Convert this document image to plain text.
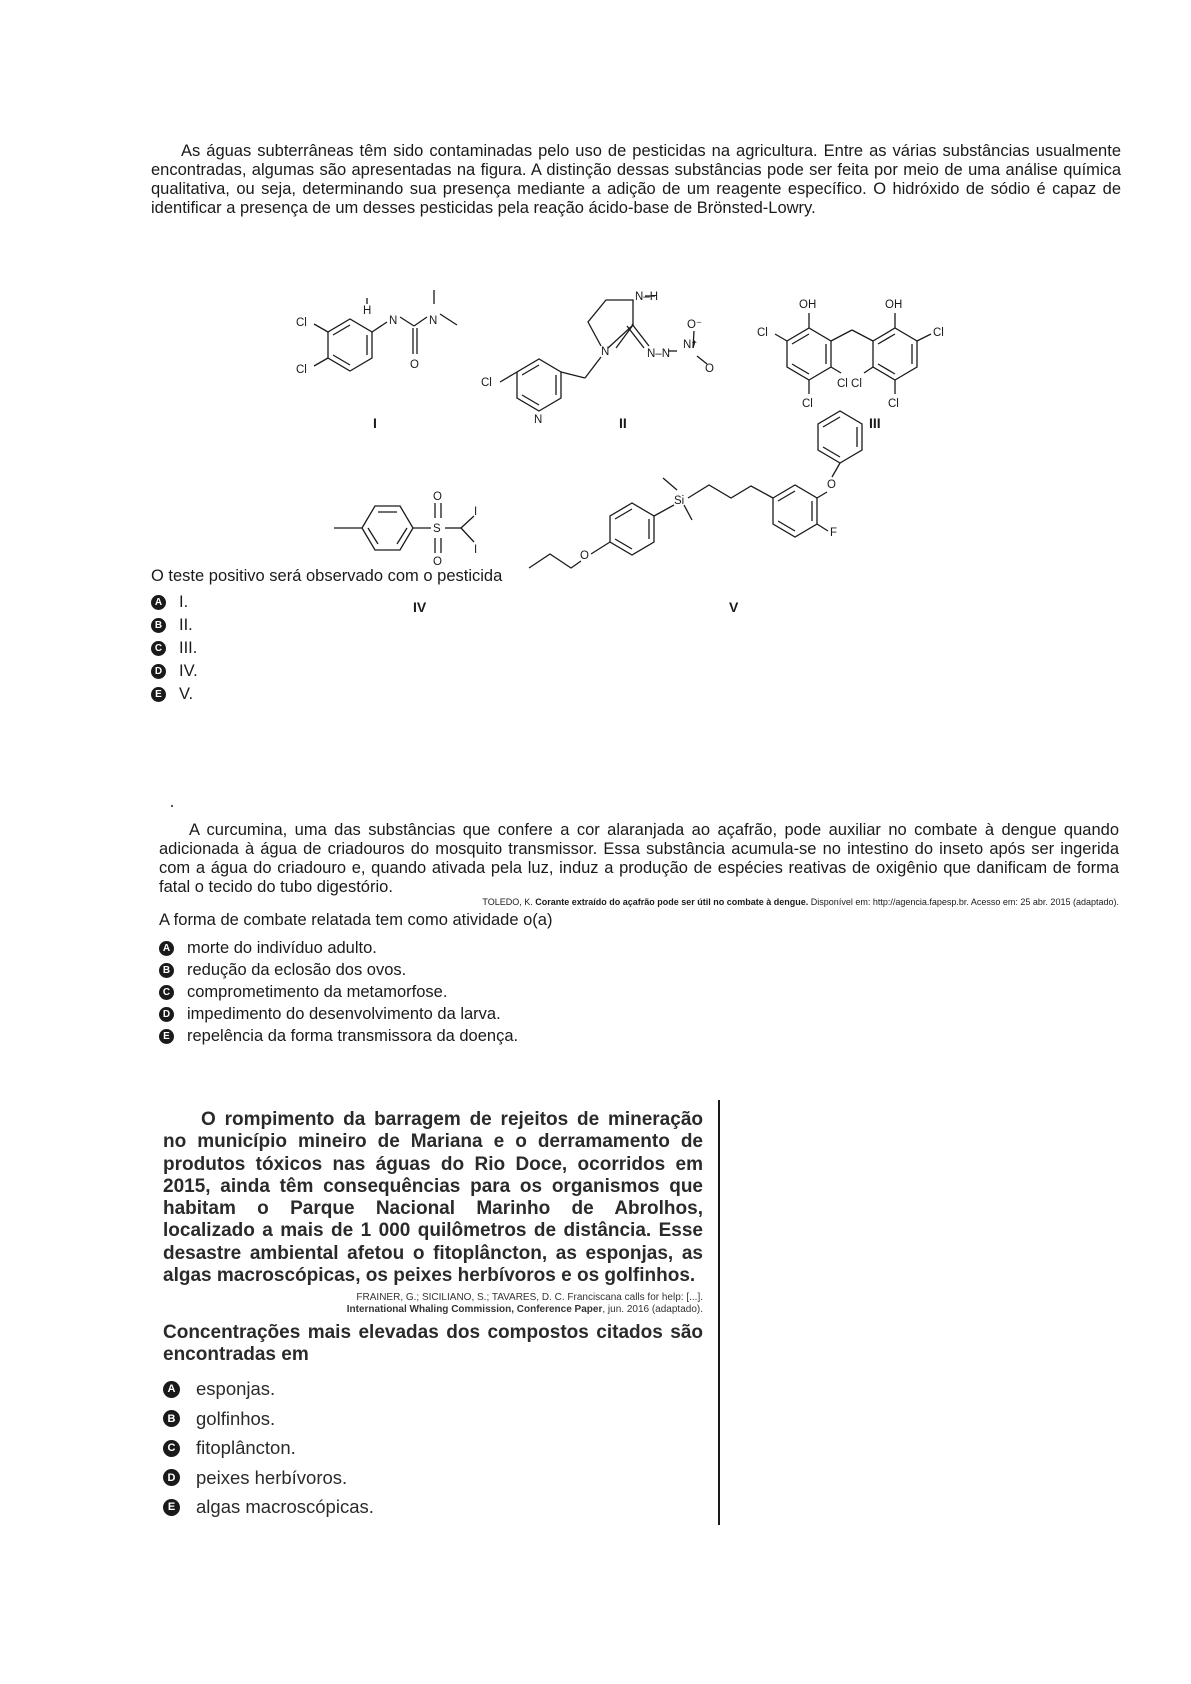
As águas subterrâneas têm sido contaminadas pelo uso de pesticidas na agricultura. Entre as várias substâncias usualmente encontradas, algumas são apresentadas na figura. A distinção dessas substâncias pode ser feita por meio de uma análise química qualitativa, ou seja, determinando sua presença mediante a adição de um reagente específico. O hidróxido de sódio é capaz de identificar a presença de um desses pesticidas pela reação ácido-base de Brönsted-Lowry.

H
N	N
O
Cl
Cl
Cl
N
N
N–H
N–N
O⁻
N⁺
O
OH	OH
Cl	Cl
Cl Cl
Cl	Cl
S
O
O
I
I	O
Si
O
F
I	II	III
IV	V

O teste positivo será observado com o pesticida

A I.
B II.
C III.
D IV.
E V.

A curcumina, uma das substâncias que confere a cor alaranjada ao açafrão, pode auxiliar no combate à dengue quando adicionada à água de criadouros do mosquito transmissor. Essa substância acumula-se no intestino do inseto após ser ingerida com a água do criadouro e, quando ativada pela luz, induz a produção de espécies reativas de oxigênio que danificam de forma fatal o tecido do tubo digestório.

TOLEDO, K. Corante extraído do açafrão pode ser útil no combate à dengue. Disponível em: http://agencia.fapesp.br. Acesso em: 25 abr. 2015 (adaptado).

A forma de combate relatada tem como atividade o(a)

A morte do indivíduo adulto.
B redução da eclosão dos ovos.
C comprometimento da metamorfose.
D impedimento do desenvolvimento da larva.
E repelência da forma transmissora da doença.

O rompimento da barragem de rejeitos de mineração no município mineiro de Mariana e o derramamento de produtos tóxicos nas águas do Rio Doce, ocorridos em 2015, ainda têm consequências para os organismos que habitam o Parque Nacional Marinho de Abrolhos, localizado a mais de 1 000 quilômetros de distância. Esse desastre ambiental afetou o fitoplâncton, as esponjas, as algas macroscópicas, os peixes herbívoros e os golfinhos.

FRAINER, G.; SICILIANO, S.; TAVARES, D. C. Franciscana calls for help: [...].
International Whaling Commission, Conference Paper, jun. 2016 (adaptado).

Concentrações mais elevadas dos compostos citados são encontradas em

A esponjas.
B golfinhos.
C fitoplâncton.
D peixes herbívoros.
E algas macroscópicas.
